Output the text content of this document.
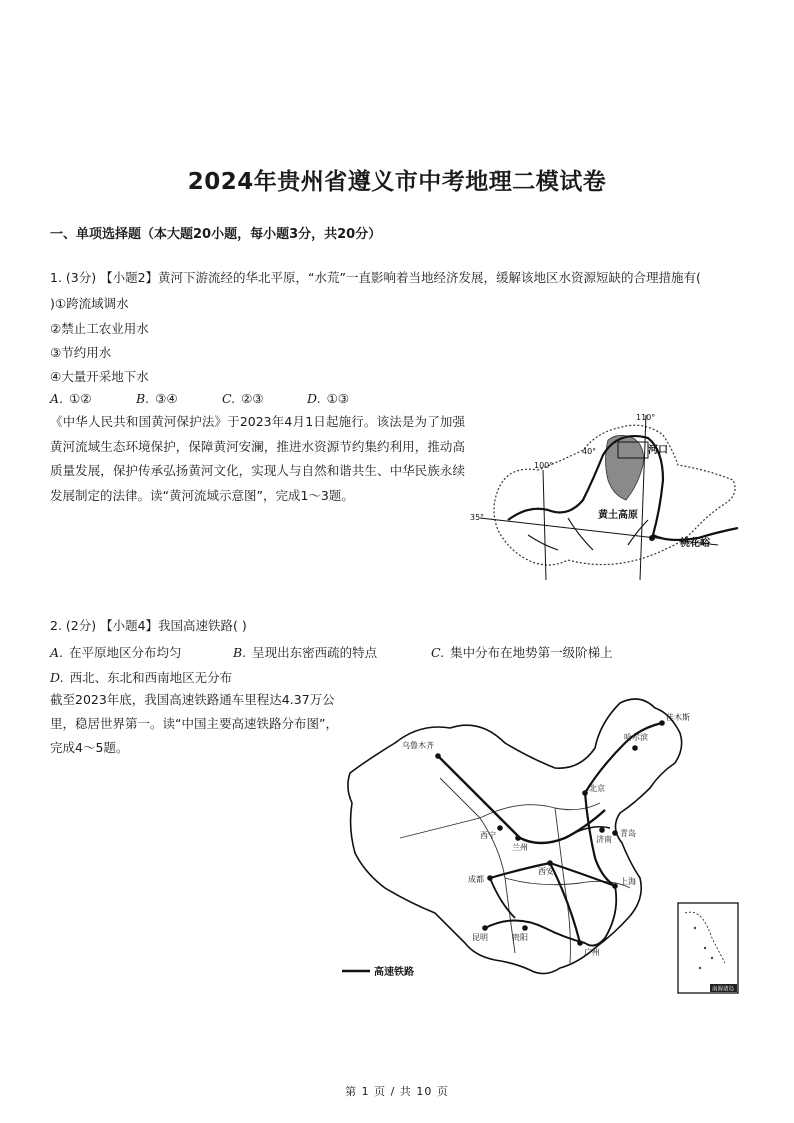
2024年贵州省遵义市中考地理二模试卷
一、单项选择题（本大题20小题，每小题3分，共20分）
1. (3分) 【小题2】黄河下游流经的华北平原，“水荒”一直影响着当地经济发展，缓解该地区水资源短缺的合理措施有(
)①跨流域调水
②禁止工农业用水
③节约用水
④大量开采地下水
A. ①②	B. ③④	C. ②③	D. ①③
《中华人民共和国黄河保护法》于2023年4月1日起施行。该法是为了加强黄河流域生态环境保护，保障黄河安澜，推进水资源节约集约利用，推动高质量发展，保护传承弘扬黄河文化，实现人与自然和谐共生、中华民族永续发展制定的法律。读“黄河流域示意图”，完成1～3题。
110°
100°
40°
35°
河口
黄土高原
桃花峪
2. (2分) 【小题4】我国高速铁路( )
A. 在平原地区分布均匀	B. 呈现出东密西疏的特点	C. 集中分布在地势第一级阶梯上
D. 西北、东北和西南地区无分布
截至2023年底，我国高速铁路通车里程达4.37万公里，稳居世界第一。读“中国主要高速铁路分布图”，完成4～5题。	乌鲁木齐
哈尔滨
佳木斯
北京
西宁
兰州
济南
青岛
西安
成都	上海
贵阳
昆明
广州
高速铁路
南海诸岛
第 1 页 / 共 10 页
